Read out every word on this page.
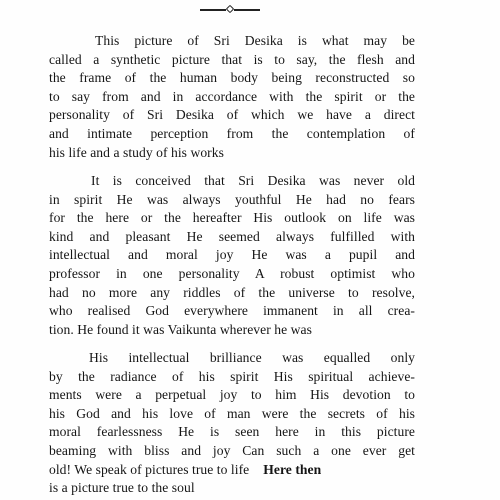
This picture of Sri Desika is what may be
called a synthetic picture that is to say, the flesh and
the frame of the human body being reconstructed so
to say from and in accordance with the spirit or the
personality of Sri Desika of which we have a direct
and intimate perception from the contemplation of
his life and a study of his works
It is conceived that Sri Desika was never old
in spirit He was always youthful He had no fears
for the here or the hereafter His outlook on life was
kind and pleasant He seemed always fulfilled with
intellectual and moral joy He was a pupil and
professor in one personality A robust optimist who
had no more any riddles of the universe to resolve,
who realised God everywhere immanent in all crea-
tion. He found it was Vaikunta wherever he was
His intellectual brilliance was equalled only
by the radiance of his spirit His spiritual achieve-
ments were a perpetual joy to him His devotion to
his God and his love of man were the secrets of his
moral fearlessness He is seen here in this picture
beaming with bliss and joy Can such a one ever get
old! We speak of pictures true to life Here then
is a picture true to the soul
